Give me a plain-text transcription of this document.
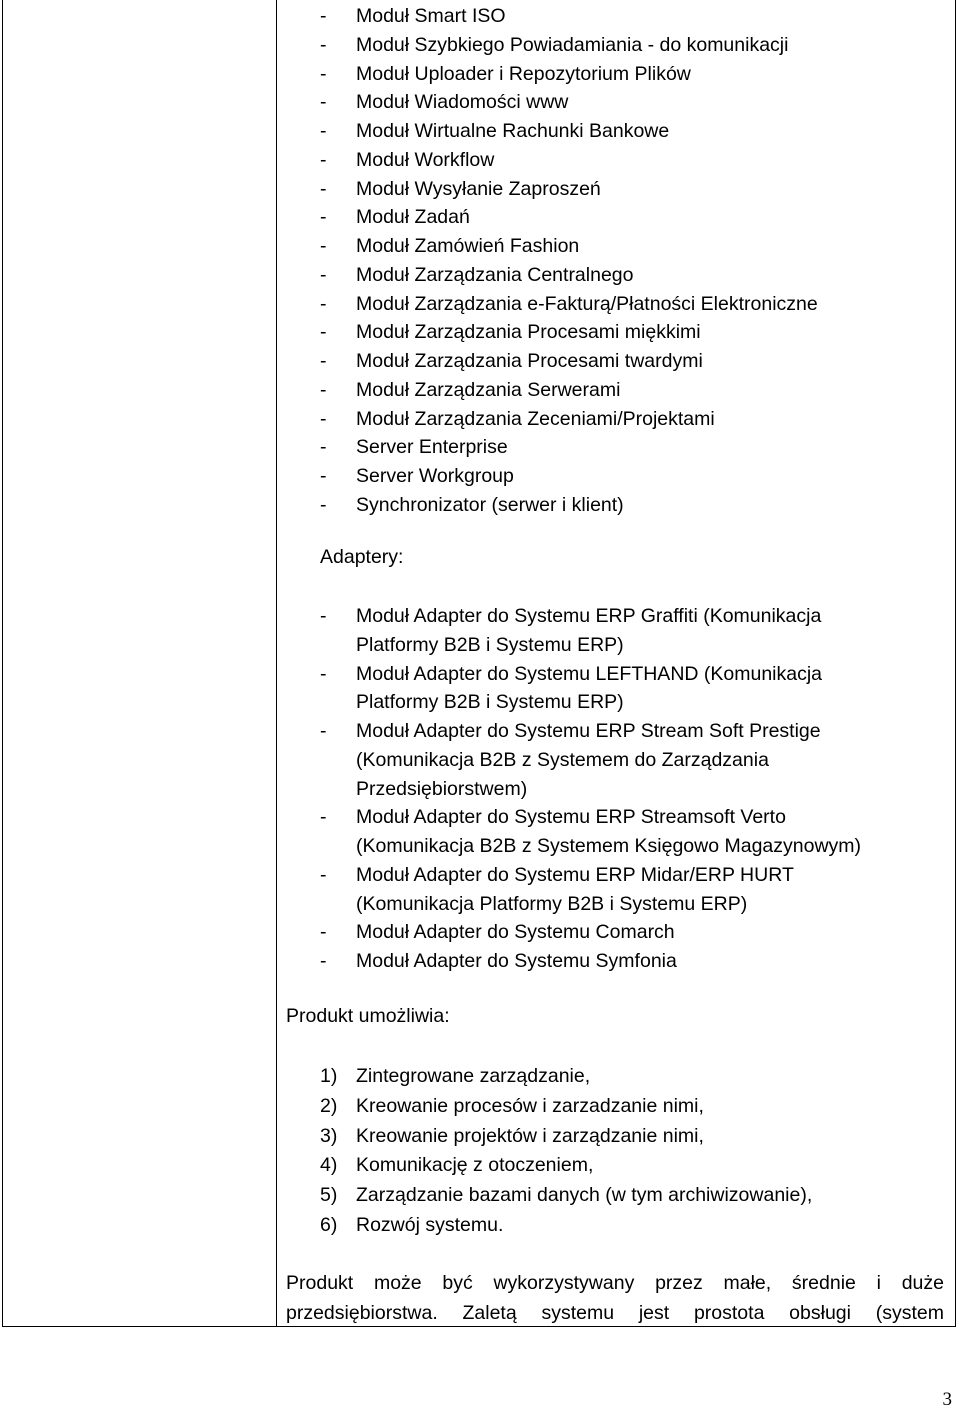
- Moduł Smart ISO
- Moduł Szybkiego Powiadamiania - do komunikacji
- Moduł Uploader i Repozytorium Plików
- Moduł Wiadomości www
- Moduł Wirtualne Rachunki Bankowe
- Moduł Workflow
- Moduł Wysyłanie Zaproszeń
- Moduł Zadań
- Moduł Zamówień Fashion
- Moduł Zarządzania Centralnego
- Moduł Zarządzania e-Fakturą/Płatności Elektroniczne
- Moduł Zarządzania Procesami miękkimi
- Moduł Zarządzania Procesami twardymi
- Moduł Zarządzania Serwerami
- Moduł Zarządzania Zeceniami/Projektami
- Server Enterprise
- Server Workgroup
- Synchronizator (serwer i klient)
Adaptery:
- Moduł Adapter do Systemu ERP Graffiti (Komunikacja
Platformy B2B i Systemu ERP)
- Moduł Adapter do Systemu LEFTHAND (Komunikacja
Platformy B2B i Systemu ERP)
- Moduł Adapter do Systemu ERP Stream Soft Prestige
(Komunikacja B2B z Systemem do Zarządzania
Przedsiębiorstwem)
- Moduł Adapter do Systemu ERP Streamsoft Verto
(Komunikacja B2B z Systemem Księgowo Magazynowym)
- Moduł Adapter do Systemu ERP Midar/ERP HURT
(Komunikacja Platformy B2B i Systemu ERP)
- Moduł Adapter do Systemu Comarch
- Moduł Adapter do Systemu Symfonia
Produkt umożliwia:
1) Zintegrowane zarządzanie,
2) Kreowanie procesów i zarzadzanie nimi,
3) Kreowanie projektów i zarządzanie nimi,
4) Komunikację z otoczeniem,
5) Zarządzanie bazami danych (w tym archiwizowanie),
6) Rozwój systemu.
Produkt może być wykorzystywany przez małe, średnie i duże
przedsiębiorstwa. Zaletą systemu jest prostota obsługi (system
3
